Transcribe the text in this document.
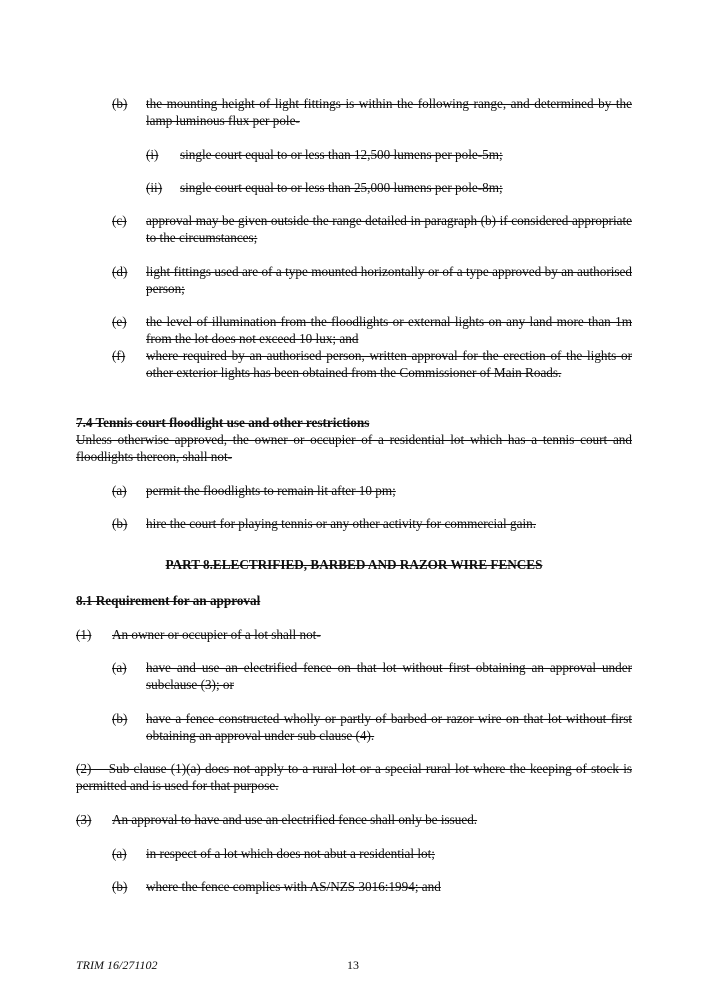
(b) the mounting height of light fittings is within the following range, and determined by the lamp luminous flux per pole-
(i) single court equal to or less than 12,500 lumens per pole-5m;
(ii) single court equal to or less than 25,000 lumens per pole-8m;
(c) approval may be given outside the range detailed in paragraph (b) if considered appropriate to the circumstances;
(d) light fittings used are of a type mounted horizontally or of a type approved by an authorised person;
(e) the level of illumination from the floodlights or external lights on any land more than 1m from the lot does not exceed 10 lux; and
(f) where required by an authorised person, written approval for the erection of the lights or other exterior lights has been obtained from the Commissioner of Main Roads.
7.4 Tennis court floodlight use and other restrictions
Unless otherwise approved, the owner or occupier of a residential lot which has a tennis court and floodlights thereon, shall not-
(a) permit the floodlights to remain lit after 10 pm;
(b) hire the court for playing tennis or any other activity for commercial gain.
PART 8.ELECTRIFIED, BARBED AND RAZOR WIRE FENCES
8.1 Requirement for an approval
(1) An owner or occupier of a lot shall not-
(a) have and use an electrified fence on that lot without first obtaining an approval under subclause (3); or
(b) have a fence constructed wholly or partly of barbed or razor wire on that lot without first obtaining an approval under sub clause (4).
(2)  Sub clause (1)(a) does not apply to a rural lot or a special rural lot where the keeping of stock is permitted and is used for that purpose.
(3) An approval to have and use an electrified fence shall only be issued.
(a) in respect of a lot which does not abut a residential lot;
(b) where the fence complies with AS/NZS 3016:1994; and
TRIM 16/271102	13
